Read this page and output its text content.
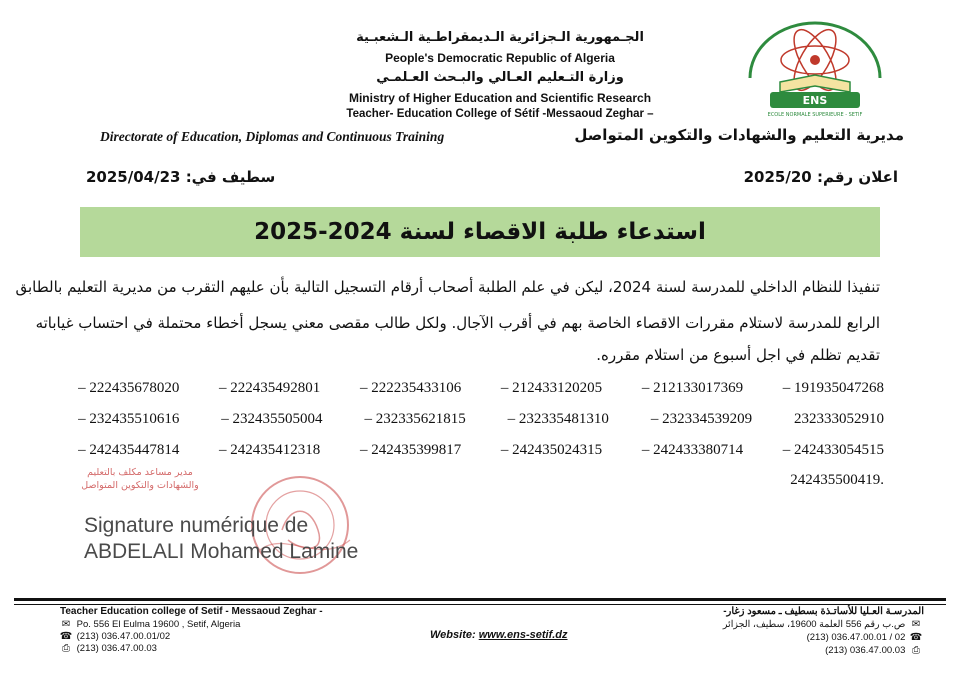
الجـمهورية الـجزائرية الـديمقراطـية الـشعبـية
People's Democratic Republic of Algeria
وزارة التـعليم العـالي والبـحث العـلمـي
Ministry of Higher Education and Scientific Research
Teacher- Education College of Sétif -Messaoud Zeghar –
ENS
ECOLE NORMALE SUPERIEURE - SETIF
Directorate of Education, Diplomas and Continuous Training	مديرية التعليم والشهادات والتكوين المتواصل
اعلان رقم: 2025/20
سطيف في: 2025/04/23
استدعاء طلبة الاقصاء لسنة 2024-2025
تنفيذا للنظام الداخلي للمدرسة لسنة 2024، ليكن في علم الطلبة أصحاب أرقام التسجيل التالية بأن عليهم التقرب من مديرية التعليم بالطابق
الرابع للمدرسة لاستلام مقررات الاقصاء الخاصة بهم في أقرب الآجال. ولكل طالب مقصى معني يسجل أخطاء محتملة في احتساب غياباته
تقديم تظلم في اجل أسبوع من استلام مقرره.
191935047268 –
212133017369 –
212433120205 –
222235433106 –
222435492801 –
222435678020 –
232333052910
232334539209 –
232335481310 –
232335621815 –
232435505004 –
232435510616 –
242433054515 –
242433380714 –
242435024315 –
242435399817 –
242435412318 –
242435447814 –
242435500419.
مدير مساعد مكلف بالتعليم والشهادات والتكوين المتواصل
Signature numérique de
ABDELALI Mohamed Lamine
Teacher Education college of Setif - Messaoud Zeghar -
✉ Po. 556 El Eulma 19600 , Setif, Algeria
☎ (213) 036.47.00.01/02
⎙ (213) 036.47.00.03
Website: www.ens-setif.dz
المدرسـة العـليا للأساتـذة بسطيف ـ مسعود زغار-
✉ ص.ب رقم 556 العلمة 19600، سطيف، الجزائر
(213) 036.47.00.01 / 02 ☎
(213) 036.47.00.03 ⎙
